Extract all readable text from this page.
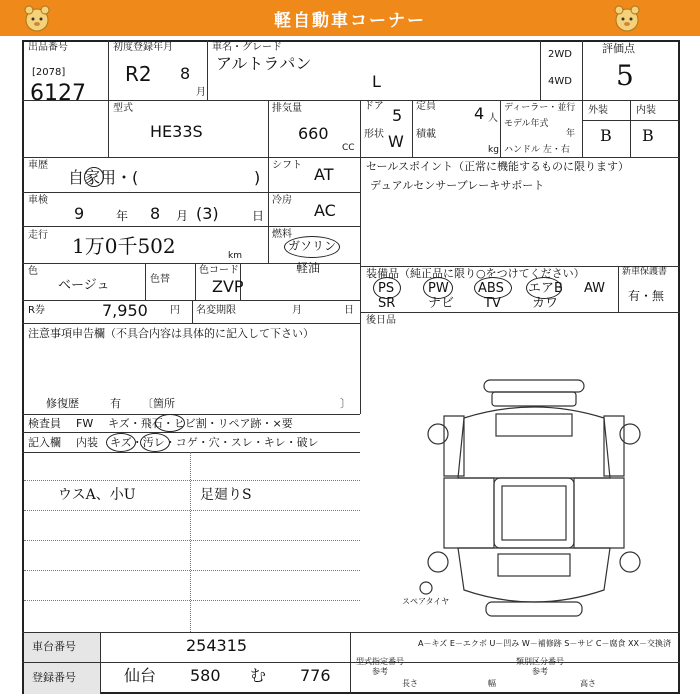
軽自動車コーナー
出品番号
[2078]
6127
初度登録年月
R2 8
月
車名・グレード
アルトラパン
L
2WD
4WD
評価点
5
外装	内装
B B
型式
HE33S
排気量
660
CC
ドア 5
形状 W
定員 4 人
積載
kg
ディーラー・並行
モデル年式
年
ハンドル 左・右
車歴
自家用・(	)
シフト AT	セールスポイント（正常に機能するものに限ります）
デュアルセンサーブレーキサポート
車検
9	年 8 月 (3)	日
冷房
AC
走行 1万0千502	km
燃料
ガソリン
軽油
色
ベージュ	色替
色コード
ZVP
装備品（純正品に限り○をつけてください）
PS	PW ABS エアB AW
SR	ナビ TV カワ
新車保護書
有・無
R券	7,950 円 名変期限	月	日
後日品
注意事項申告欄（不具合内容は具体的に記入して下さい）
修復歴	有 〔箇所	〕
検査員 FW キズ・飛石・ヒビ割・リペア跡・×要
記入欄 内装 キズ・汚レ・コゲ・穴・スレ・キレ・破レ
ウスA、小U	足廻りS
スペアタイヤ
A－キズ E－エクボ U－凹み W－補修跡 S－サビ C－腐食 XX－交換済
車台番号	254315
登録番号	仙台 580 む 776
型式指定番号
参考
類別区分番号
参考
長さ	幅	高さ
